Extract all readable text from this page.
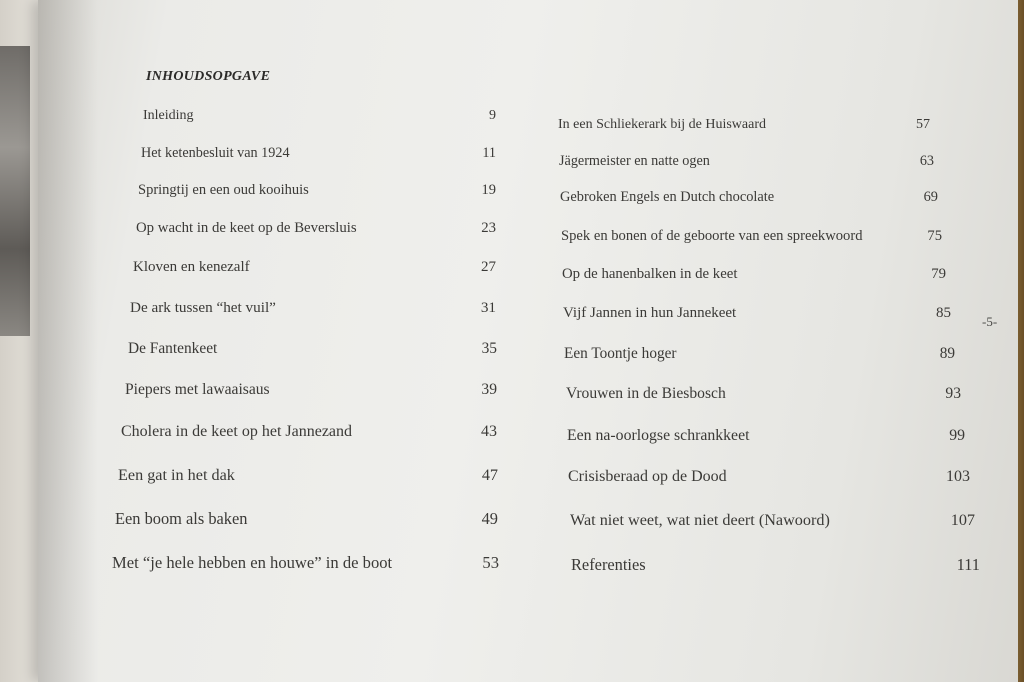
INHOUDSOPGAVE
Inleiding	9
Het ketenbesluit van 1924	11
Springtij en een oud kooihuis	19
Op wacht in de keet op de Beversluis	23
Kloven en kenezalf	27
De ark tussen “het vuil”	31
De Fantenkeet	35
Piepers met lawaaisaus	39
Cholera in de keet op het Jannezand	43
Een gat in het dak	47
Een boom als baken	49
Met “je hele hebben en houwe” in de boot	53
In een Schliekerark bij de Huiswaard	57
Jägermeister en natte ogen	63
Gebroken Engels en Dutch chocolate	69
Spek en bonen of de geboorte van een spreekwoord	75
Op de hanenbalken in de keet	79
Vijf Jannen in hun Jannekeet	85
Een Toontje hoger	89
Vrouwen in de Biesbosch	93
Een na-oorlogse schrankkeet	99
Crisisberaad op de Dood	103
Wat niet weet, wat niet deert (Nawoord)	107
Referenties	111
-5-
